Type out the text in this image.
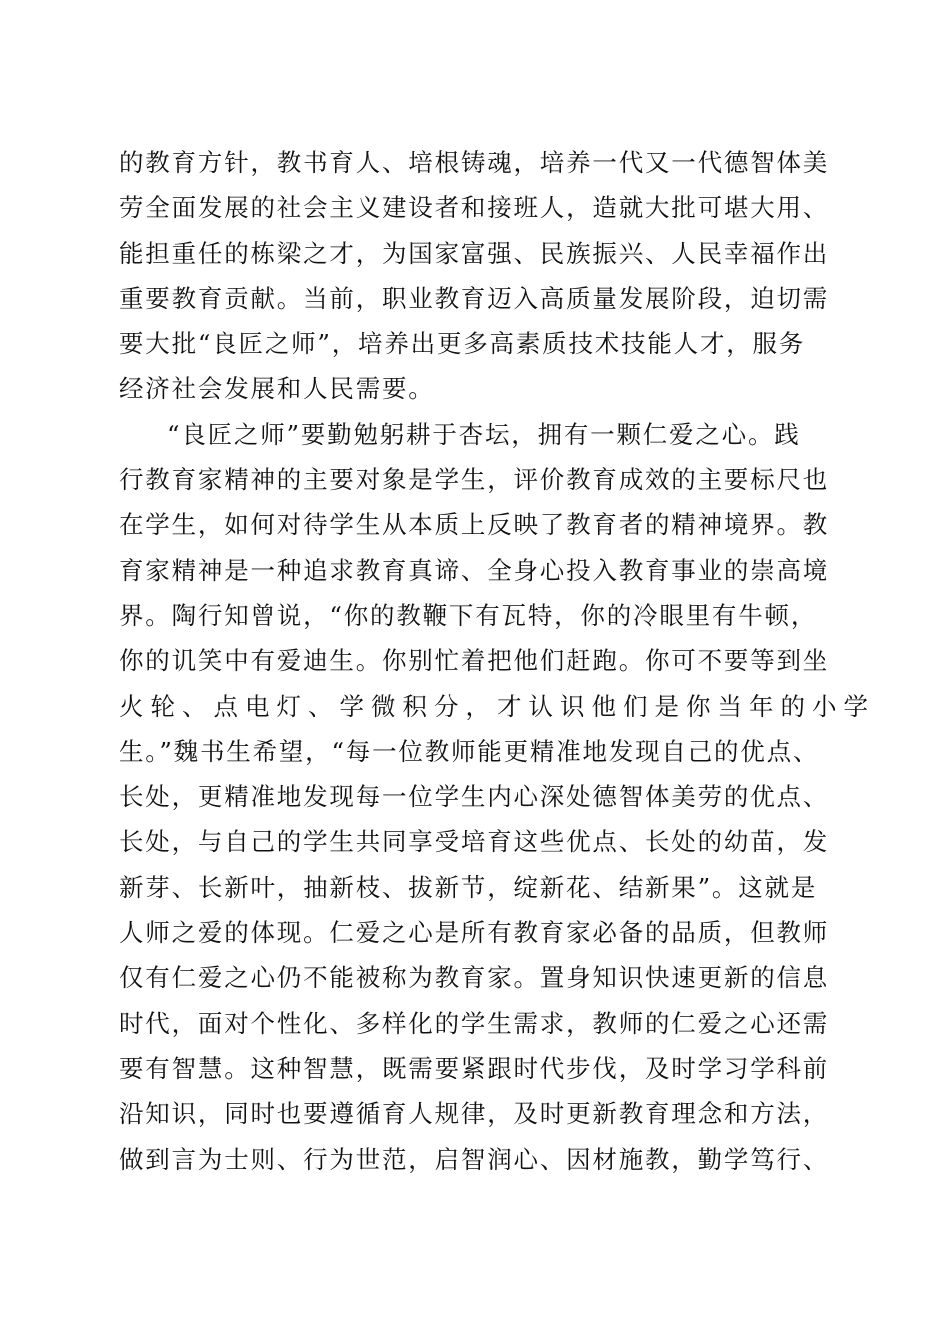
的教育方针，教书育人、培根铸魂，培养一代又一代德智体美
劳全面发展的社会主义建设者和接班人，造就大批可堪大用、
能担重任的栋梁之才，为国家富强、民族振兴、人民幸福作出
重要教育贡献。当前，职业教育迈入高质量发展阶段，迫切需
要大批“良匠之师”，培养出更多高素质技术技能人才，服务
经济社会发展和人民需要。
“良匠之师”要勤勉躬耕于杏坛，拥有一颗仁爱之心。践
行教育家精神的主要对象是学生，评价教育成效的主要标尺也
在学生，如何对待学生从本质上反映了教育者的精神境界。教
育家精神是一种追求教育真谛、全身心投入教育事业的崇高境
界。陶行知曾说，“你的教鞭下有瓦特，你的冷眼里有牛顿，
你的讥笑中有爱迪生。你别忙着把他们赶跑。你可不要等到坐
火轮、点电灯、学微积分，才认识他们是你当年的小学
生。”魏书生希望，“每一位教师能更精准地发现自己的优点、
长处，更精准地发现每一位学生内心深处德智体美劳的优点、
长处，与自己的学生共同享受培育这些优点、长处的幼苗，发
新芽、长新叶，抽新枝、拔新节，绽新花、结新果”。这就是
人师之爱的体现。仁爱之心是所有教育家必备的品质，但教师
仅有仁爱之心仍不能被称为教育家。置身知识快速更新的信息
时代，面对个性化、多样化的学生需求，教师的仁爱之心还需
要有智慧。这种智慧，既需要紧跟时代步伐，及时学习学科前
沿知识，同时也要遵循育人规律，及时更新教育理念和方法，
做到言为士则、行为世范，启智润心、因材施教，勤学笃行、
